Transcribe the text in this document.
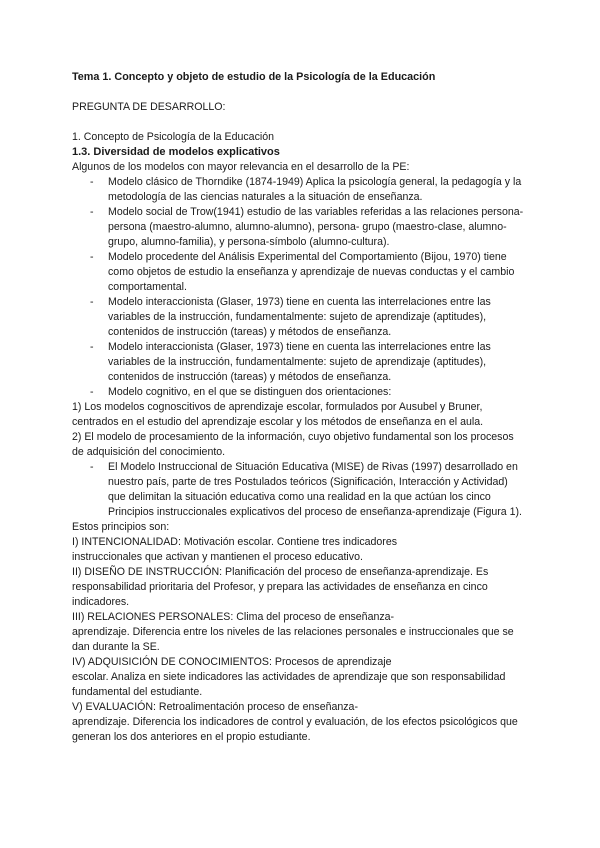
Tema 1. Concepto y objeto de estudio de la Psicología de la Educación

PREGUNTA DE DESARROLLO:

1. Concepto de Psicología de la Educación

1.3. Diversidad de modelos explicativos

Algunos de los modelos con mayor relevancia en el desarrollo de la PE:

- Modelo clásico de Thorndike (1874-1949) Aplica la psicología general, la pedagogía y la metodología de las ciencias naturales a la situación de enseñanza.
- Modelo social de Trow(1941) estudio de las variables referidas a las relaciones persona-persona (maestro-alumno, alumno-alumno), persona- grupo (maestro-clase, alumno-grupo, alumno-familia), y persona-símbolo (alumno-cultura).
- Modelo procedente del Análisis Experimental del Comportamiento (Bijou, 1970) tiene como objetos de estudio la enseñanza y aprendizaje de nuevas conductas y el cambio comportamental.
- Modelo interaccionista (Glaser, 1973) tiene en cuenta las interrelaciones entre las variables de la instrucción, fundamentalmente: sujeto de aprendizaje (aptitudes), contenidos de instrucción (tareas) y métodos de enseñanza.
- Modelo interaccionista (Glaser, 1973) tiene en cuenta las interrelaciones entre las variables de la instrucción, fundamentalmente: sujeto de aprendizaje (aptitudes), contenidos de instrucción (tareas) y métodos de enseñanza.
- Modelo cognitivo, en el que se distinguen dos orientaciones:

1) Los modelos cognoscitivos de aprendizaje escolar, formulados por Ausubel y Bruner, centrados en el estudio del aprendizaje escolar y los métodos de enseñanza en el aula.

2) El modelo de procesamiento de la información, cuyo objetivo fundamental son los procesos de adquisición del conocimiento.

- El Modelo Instruccional de Situación Educativa (MISE) de Rivas (1997) desarrollado en nuestro país, parte de tres Postulados teóricos (Significación, Interacción y Actividad) que delimitan la situación educativa como una realidad en la que actúan los cinco Principios instruccionales explicativos del proceso de enseñanza-aprendizaje (Figura 1).

Estos principios son:

I) INTENCIONALIDAD: Motivación escolar. Contiene tres indicadores

instruccionales que activan y mantienen el proceso educativo.

II) DISEÑO DE INSTRUCCIÓN: Planificación del proceso de enseñanza-aprendizaje. Es responsabilidad prioritaria del Profesor, y prepara las actividades de enseñanza en cinco indicadores.

III) RELACIONES PERSONALES: Clima del proceso de enseñanza-

aprendizaje. Diferencia entre los niveles de las relaciones personales e instruccionales que se dan durante la SE.

IV) ADQUISICIÓN DE CONOCIMIENTOS: Procesos de aprendizaje

escolar. Analiza en siete indicadores las actividades de aprendizaje que son responsabilidad fundamental del estudiante.

V) EVALUACIÓN: Retroalimentación proceso de enseñanza-

aprendizaje. Diferencia los indicadores de control y evaluación, de los efectos psicológicos que generan los dos anteriores en el propio estudiante.
